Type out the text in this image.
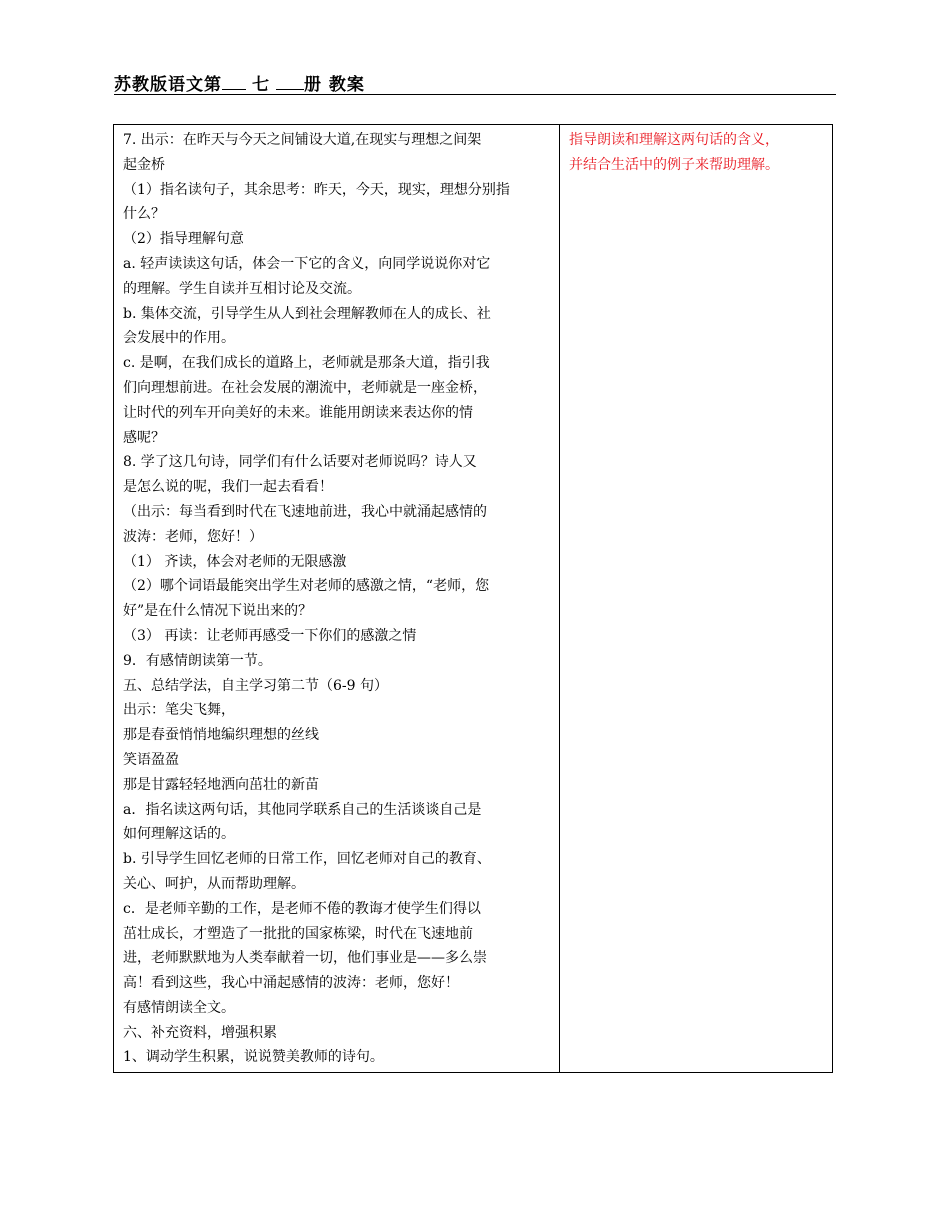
苏教版语文第 七 册 教案
7. 出示：在昨天与今天之间铺设大道,在现实与理想之间架
起金桥
（1）指名读句子，其余思考：昨天，今天，现实，理想分别指
什么？
（2）指导理解句意
a. 轻声读读这句话，体会一下它的含义，向同学说说你对它
的理解。学生自读并互相讨论及交流。
b. 集体交流，引导学生从人到社会理解教师在人的成长、社
会发展中的作用。
c. 是啊，在我们成长的道路上，老师就是那条大道，指引我
们向理想前进。在社会发展的潮流中，老师就是一座金桥，
让时代的列车开向美好的未来。谁能用朗读来表达你的情
感呢？
8. 学了这几句诗，同学们有什么话要对老师说吗？诗人又
是怎么说的呢，我们一起去看看！
（出示：每当看到时代在飞速地前进，我心中就涌起感情的
波涛：老师，您好！）
（1） 齐读，体会对老师的无限感激
（2）哪个词语最能突出学生对老师的感激之情，“老师，您
好”是在什么情况下说出来的？
（3） 再读：让老师再感受一下你们的感激之情
9．有感情朗读第一节。
五、总结学法，自主学习第二节（6-9 句）
出示：笔尖飞舞，
那是春蚕悄悄地编织理想的丝线
笑语盈盈
那是甘露轻轻地洒向茁壮的新苗
a．指名读这两句话，其他同学联系自己的生活谈谈自己是
如何理解这话的。
b. 引导学生回忆老师的日常工作，回忆老师对自己的教育、
关心、呵护，从而帮助理解。
c．是老师辛勤的工作，是老师不倦的教诲才使学生们得以
茁壮成长，才塑造了一批批的国家栋梁，时代在飞速地前
进，老师默默地为人类奉献着一切，他们事业是——多么崇
高！看到这些，我心中涌起感情的波涛：老师，您好！
有感情朗读全文。
六、补充资料，增强积累
1、调动学生积累，说说赞美教师的诗句。

指导朗读和理解这两句话的含义，
并结合生活中的例子来帮助理解。
